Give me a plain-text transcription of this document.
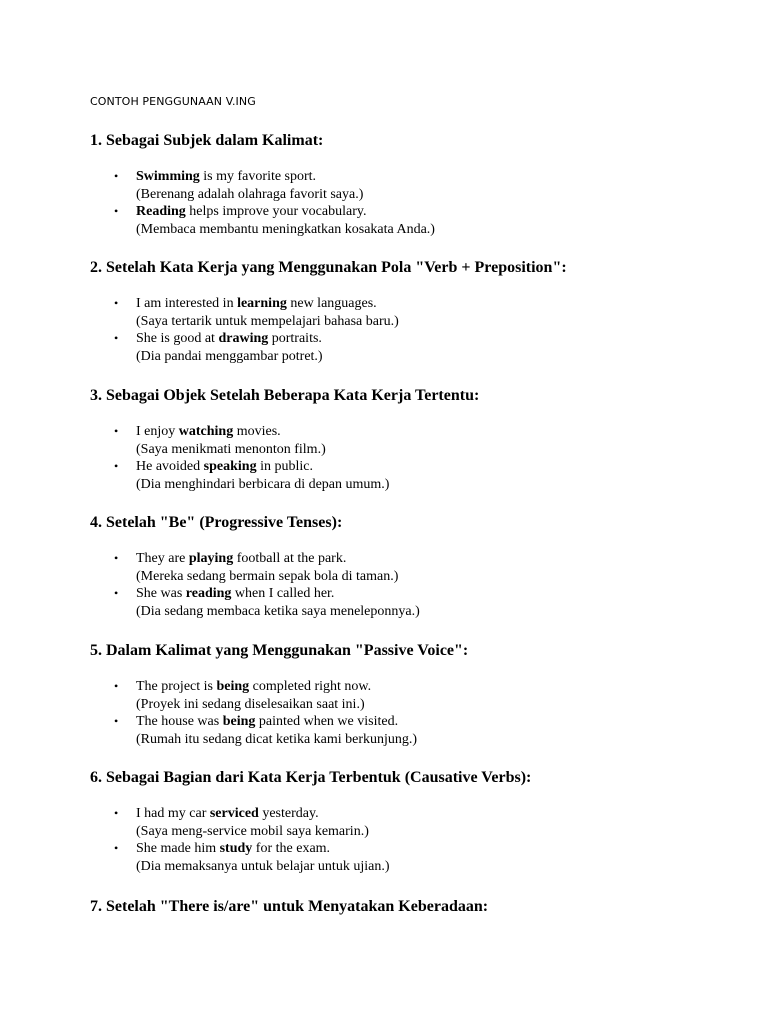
CONTOH PENGGUNAAN V.ING
1. Sebagai Subjek dalam Kalimat:
• Swimming is my favorite sport.
(Berenang adalah olahraga favorit saya.)
• Reading helps improve your vocabulary.
(Membaca membantu meningkatkan kosakata Anda.)
2. Setelah Kata Kerja yang Menggunakan Pola "Verb + Preposition":
• I am interested in learning new languages.
(Saya tertarik untuk mempelajari bahasa baru.)
• She is good at drawing portraits.
(Dia pandai menggambar potret.)
3. Sebagai Objek Setelah Beberapa Kata Kerja Tertentu:
• I enjoy watching movies.
(Saya menikmati menonton film.)
• He avoided speaking in public.
(Dia menghindari berbicara di depan umum.)
4. Setelah "Be" (Progressive Tenses):
• They are playing football at the park.
(Mereka sedang bermain sepak bola di taman.)
• She was reading when I called her.
(Dia sedang membaca ketika saya meneleponnya.)
5. Dalam Kalimat yang Menggunakan "Passive Voice":
• The project is being completed right now.
(Proyek ini sedang diselesaikan saat ini.)
• The house was being painted when we visited.
(Rumah itu sedang dicat ketika kami berkunjung.)
6. Sebagai Bagian dari Kata Kerja Terbentuk (Causative Verbs):
• I had my car serviced yesterday.
(Saya meng-service mobil saya kemarin.)
• She made him study for the exam.
(Dia memaksanya untuk belajar untuk ujian.)
7. Setelah "There is/are" untuk Menyatakan Keberadaan:
